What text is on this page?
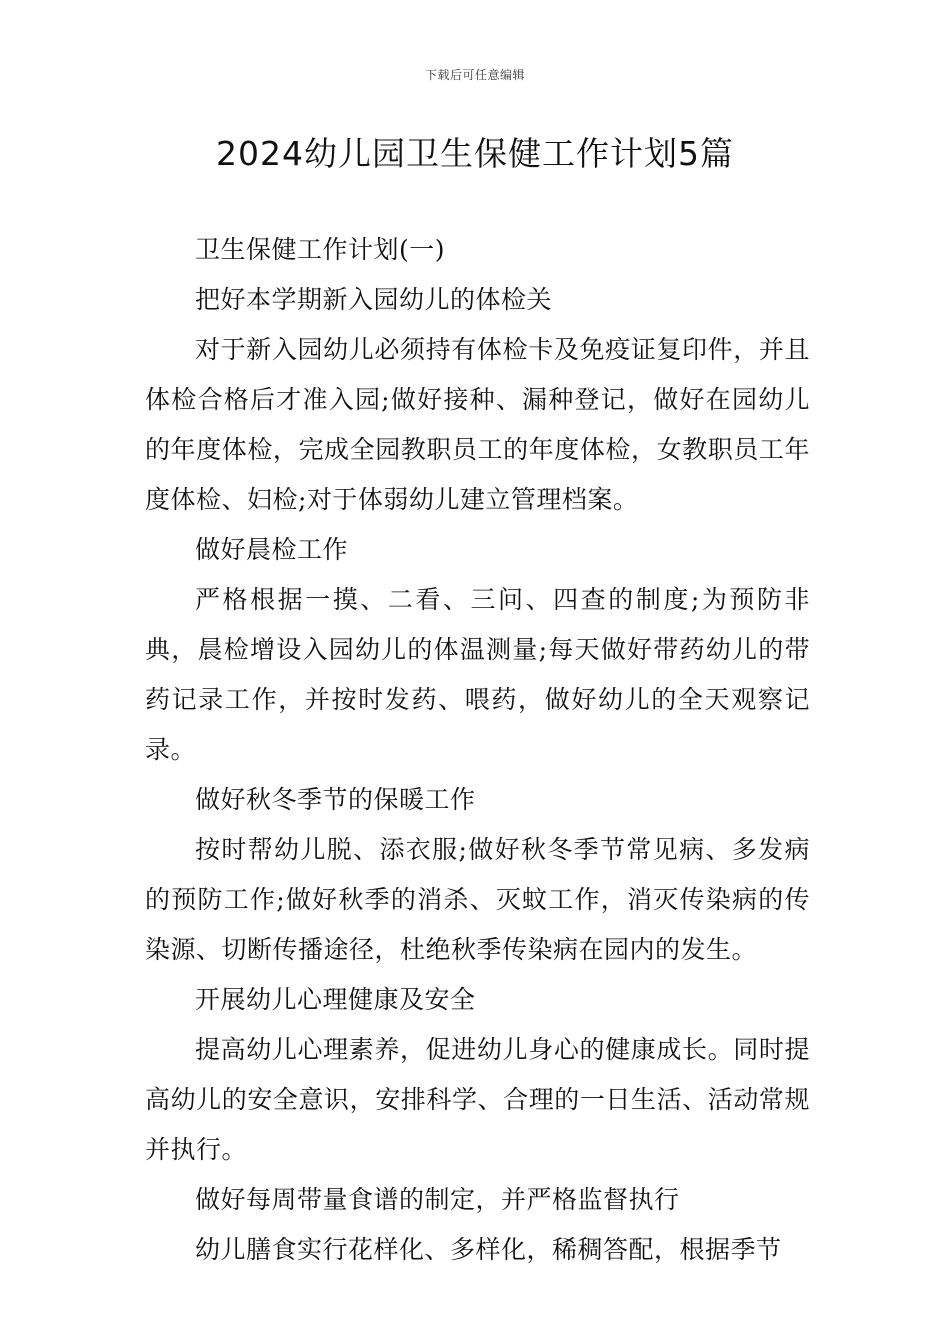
下载后可任意编辑
2024幼儿园卫生保健工作计划5篇

卫生保健工作计划(一)

把好本学期新入园幼儿的体检关

对于新入园幼儿必须持有体检卡及免疫证复印件，并且体检合格后才准入园;做好接种、漏种登记，做好在园幼儿的年度体检，完成全园教职员工的年度体检，女教职员工年度体检、妇检;对于体弱幼儿建立管理档案。

做好晨检工作

严格根据一摸、二看、三问、四查的制度;为预防非典，晨检增设入园幼儿的体温测量;每天做好带药幼儿的带药记录工作，并按时发药、喂药，做好幼儿的全天观察记录。

做好秋冬季节的保暖工作

按时帮幼儿脱、添衣服;做好秋冬季节常见病、多发病的预防工作;做好秋季的消杀、灭蚊工作，消灭传染病的传染源、切断传播途径，杜绝秋季传染病在园内的发生。

开展幼儿心理健康及安全

提高幼儿心理素养，促进幼儿身心的健康成长。同时提高幼儿的安全意识，安排科学、合理的一日生活、活动常规并执行。

做好每周带量食谱的制定，并严格监督执行

幼儿膳食实行花样化、多样化，稀稠答配，根据季节
